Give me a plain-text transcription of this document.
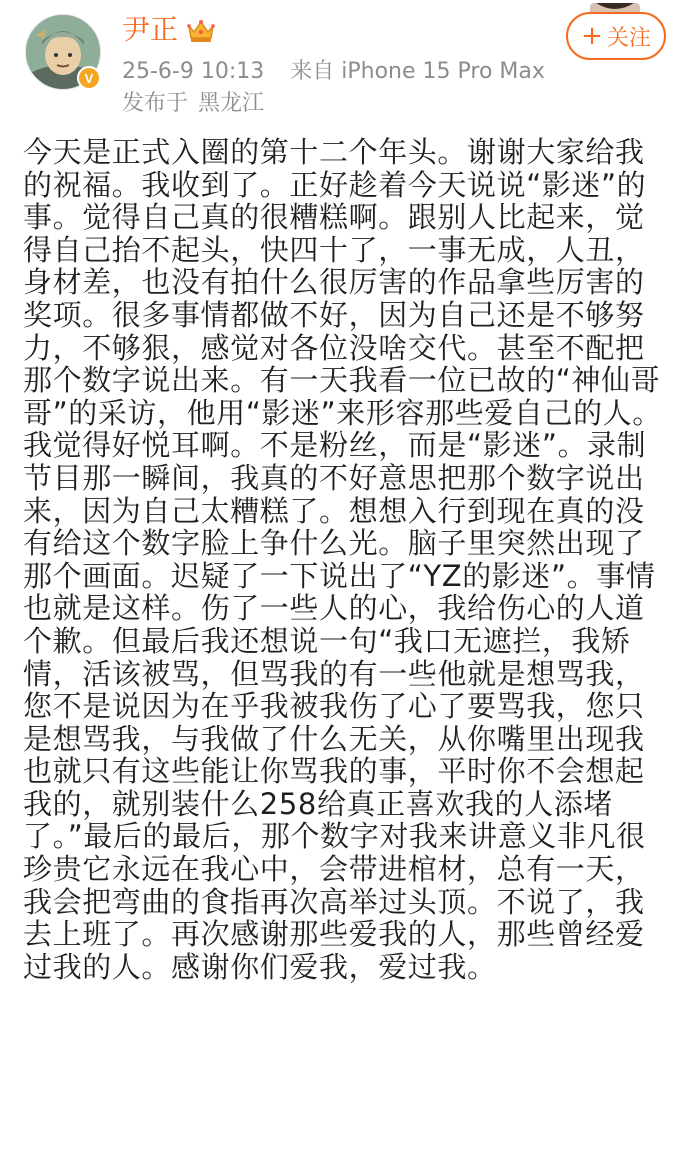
V
尹正
25-6-9 10:13 来自 iPhone 15 Pro Max
发布于 黑龙江
+ 关注
今天是正式入圈的第十二个年头。谢谢大家给我的祝福。我收到了。正好趁着今天说说“影迷”的事。觉得自己真的很糟糕啊。跟别人比起来，觉得自己抬不起头，快四十了，一事无成，人丑，身材差，也没有拍什么很厉害的作品拿些厉害的奖项。很多事情都做不好，因为自己还是不够努力，不够狠，感觉对各位没啥交代。甚至不配把那个数字说出来。有一天我看一位已故的“神仙哥哥”的采访，他用“影迷”来形容那些爱自己的人。我觉得好悦耳啊。不是粉丝，而是“影迷”。录制节目那一瞬间，我真的不好意思把那个数字说出来，因为自己太糟糕了。想想入行到现在真的没有给这个数字脸上争什么光。脑子里突然出现了那个画面。迟疑了一下说出了“YZ的影迷”。事情也就是这样。伤了一些人的心，我给伤心的人道个歉。但最后我还想说一句“我口无遮拦，我矫情，活该被骂，但骂我的有一些他就是想骂我，您不是说因为在乎我被我伤了心了要骂我，您只是想骂我，与我做了什么无关，从你嘴里出现我也就只有这些能让你骂我的事，平时你不会想起我的，就别装什么258给真正喜欢我的人添堵了。”最后的最后，那个数字对我来讲意义非凡很珍贵它永远在我心中，会带进棺材，总有一天，我会把弯曲的食指再次高举过头顶。不说了，我去上班了。再次感谢那些爱我的人，那些曾经爱过我的人。感谢你们爱我，爱过我。
